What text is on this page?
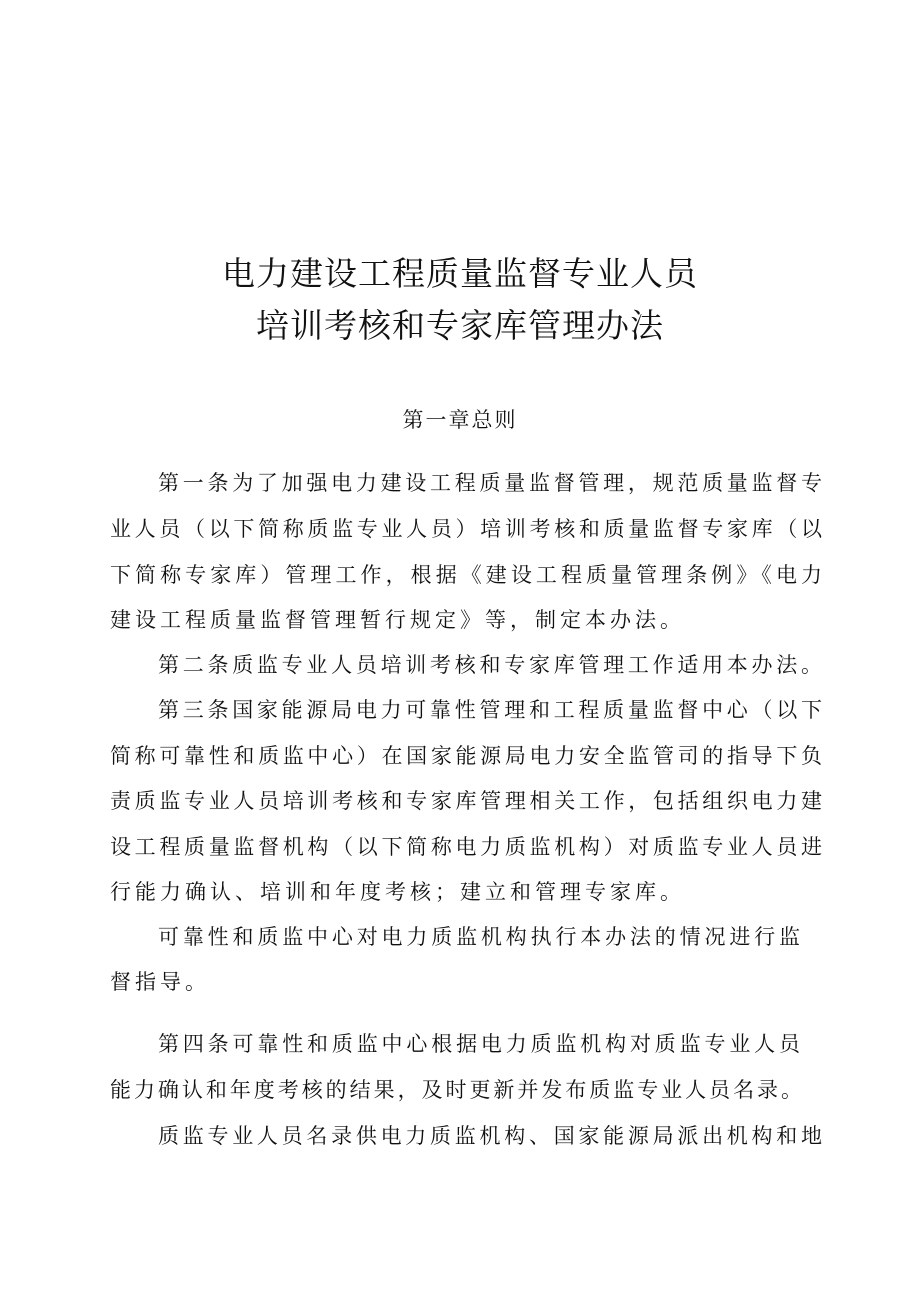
电力建设工程质量监督专业人员
培训考核和专家库管理办法
第一章总则
第一条为了加强电力建设工程质量监督管理，规范质量监督专
业人员（以下简称质监专业人员）培训考核和质量监督专家库（以
下简称专家库）管理工作，根据《建设工程质量管理条例》《电力
建设工程质量监督管理暂行规定》等，制定本办法。
第二条质监专业人员培训考核和专家库管理工作适用本办法。
第三条国家能源局电力可靠性管理和工程质量监督中心（以下
简称可靠性和质监中心）在国家能源局电力安全监管司的指导下负
责质监专业人员培训考核和专家库管理相关工作，包括组织电力建
设工程质量监督机构（以下简称电力质监机构）对质监专业人员进
行能力确认、培训和年度考核；建立和管理专家库。
可靠性和质监中心对电力质监机构执行本办法的情况进行监
督指导。
第四条可靠性和质监中心根据电力质监机构对质监专业人员
能力确认和年度考核的结果，及时更新并发布质监专业人员名录。
质监专业人员名录供电力质监机构、国家能源局派出机构和地
